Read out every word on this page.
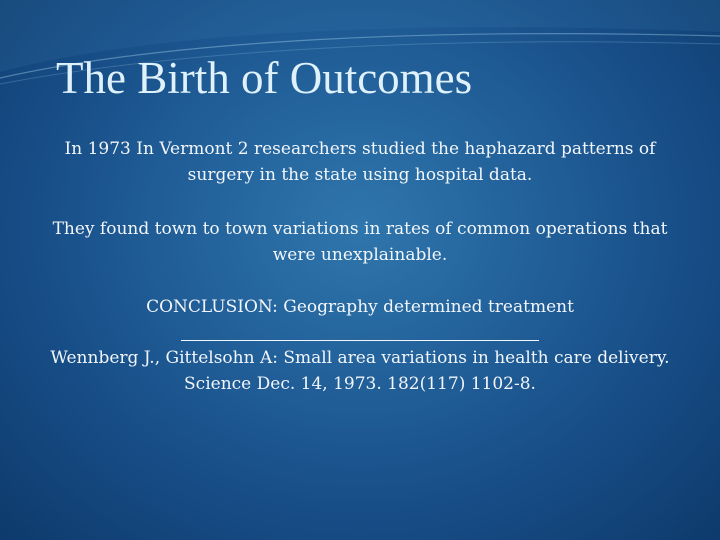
The Birth of Outcomes

In 1973 In Vermont 2 researchers studied the haphazard patterns of surgery in the state using hospital data.

They found town to town variations in rates of common operations that were unexplainable.

CONCLUSION: Geography determined treatment

Wennberg J., Gittelsohn A: Small area variations in health care delivery. Science Dec. 14, 1973. 182(117) 1102-8.
